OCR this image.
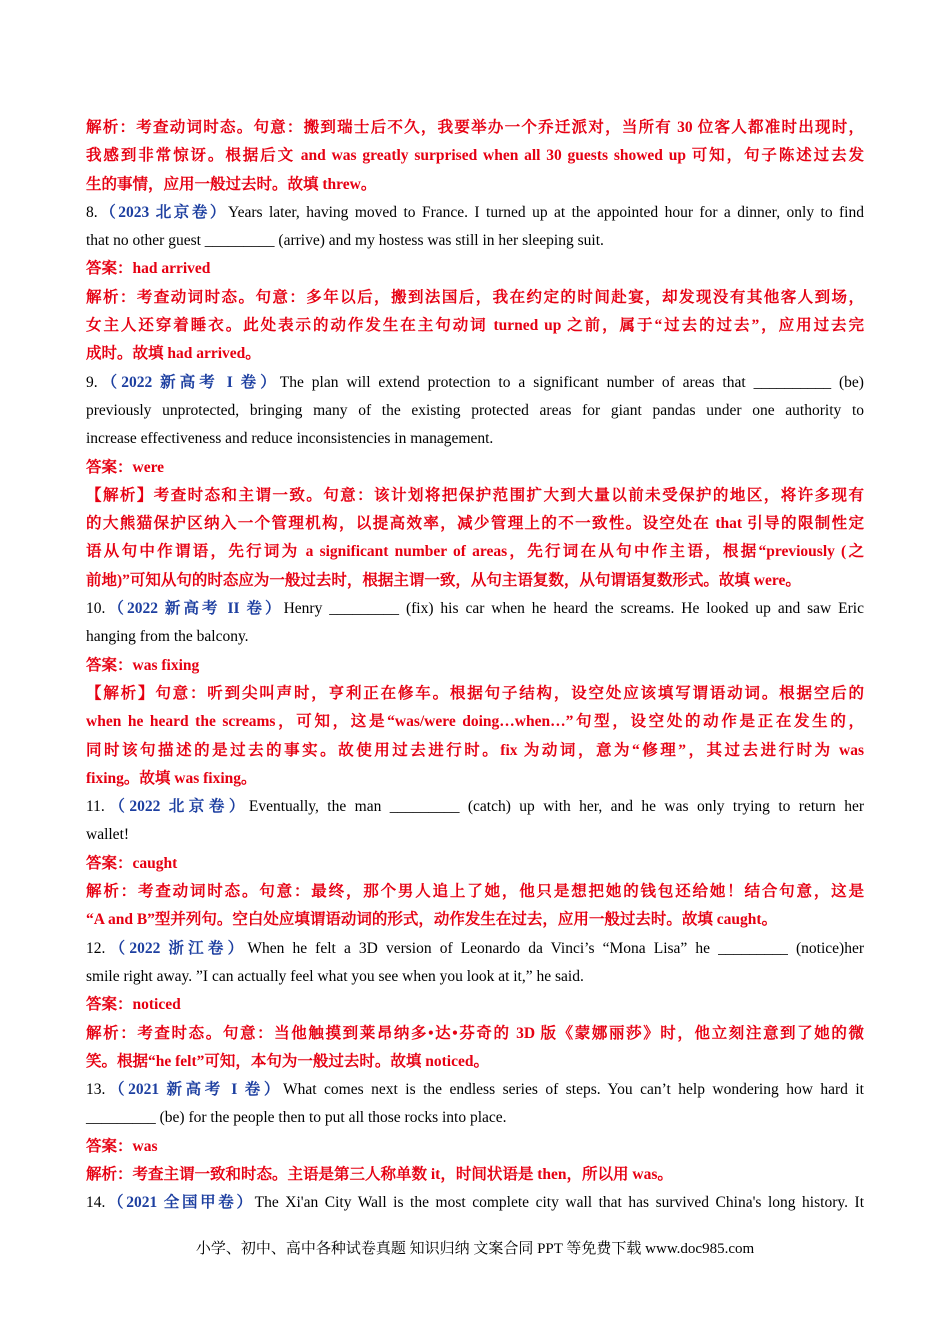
解析：考查动词时态。句意：搬到瑞士后不久，我要举办一个乔迁派对，当所有 30 位客人都准时出现时，
我感到非常惊讶。根据后文 and was greatly surprised when all 30 guests showed up 可知，句子陈述过去发
生的事情，应用一般过去时。故填 threw。
8.（2023 北京卷）Years later, having moved to France. I turned up at the appointed hour for a dinner, only to find
that no other guest _________ (arrive) and my hostess was still in her sleeping suit.
答案：had arrived
解析：考查动词时态。句意：多年以后，搬到法国后，我在约定的时间赴宴，却发现没有其他客人到场，
女主人还穿着睡衣。此处表示的动作发生在主句动词 turned up 之前，属于“过去的过去”，应用过去完
成时。故填 had arrived。
9.（2022 新高考 I 卷）The plan will extend protection to a significant number of areas that __________ (be)
previously unprotected, bringing many of the existing protected areas for giant pandas under one authority to
increase effectiveness and reduce inconsistencies in management.
答案：were
【解析】考查时态和主谓一致。句意：该计划将把保护范围扩大到大量以前未受保护的地区，将许多现有
的大熊猫保护区纳入一个管理机构，以提高效率，减少管理上的不一致性。设空处在 that 引导的限制性定
语从句中作谓语，先行词为 a significant number of areas，先行词在从句中作主语，根据“previously (之
前地)”可知从句的时态应为一般过去时，根据主谓一致，从句主语复数，从句谓语复数形式。故填 were。
10.（2022 新高考 II 卷）Henry _________ (fix) his car when he heard the screams. He looked up and saw Eric
hanging from the balcony.
答案：was fixing
【解析】句意：听到尖叫声时，亨利正在修车。根据句子结构，设空处应该填写谓语动词。根据空后的
when he heard the screams，可知，这是“was/were doing…when…”句型，设空处的动作是正在发生的，
同时该句描述的是过去的事实。故使用过去进行时。fix 为动词，意为“修理”，其过去进行时为 was
fixing。故填 was fixing。
11.（2022 北京卷）Eventually, the man _________ (catch) up with her, and he was only trying to return her
wallet!
答案：caught
解析：考查动词时态。句意：最终，那个男人追上了她，他只是想把她的钱包还给她！结合句意，这是
“A and B”型并列句。空白处应填谓语动词的形式，动作发生在过去，应用一般过去时。故填 caught。
12.（2022 浙江卷）When he felt a 3D version of Leonardo da Vinci’s “Mona Lisa” he _________ (notice)her
smile right away. ”I can actually feel what you see when you look at it,” he said.
答案：noticed
解析：考查时态。句意：当他触摸到莱昂纳多•达•芬奇的 3D 版《蒙娜丽莎》时，他立刻注意到了她的微
笑。根据“he felt”可知，本句为一般过去时。故填 noticed。
13.（2021 新高考 I 卷）What comes next is the endless series of steps. You can’t help wondering how hard it
_________ (be) for the people then to put all those rocks into place.
答案：was
解析：考查主谓一致和时态。主语是第三人称单数 it，时间状语是 then，所以用 was。
14.（2021 全国甲卷）The Xi'an City Wall is the most complete city wall that has survived China's long history. It
小学、初中、高中各种试卷真题 知识归纳 文案合同 PPT 等免费下载 www.doc985.com
